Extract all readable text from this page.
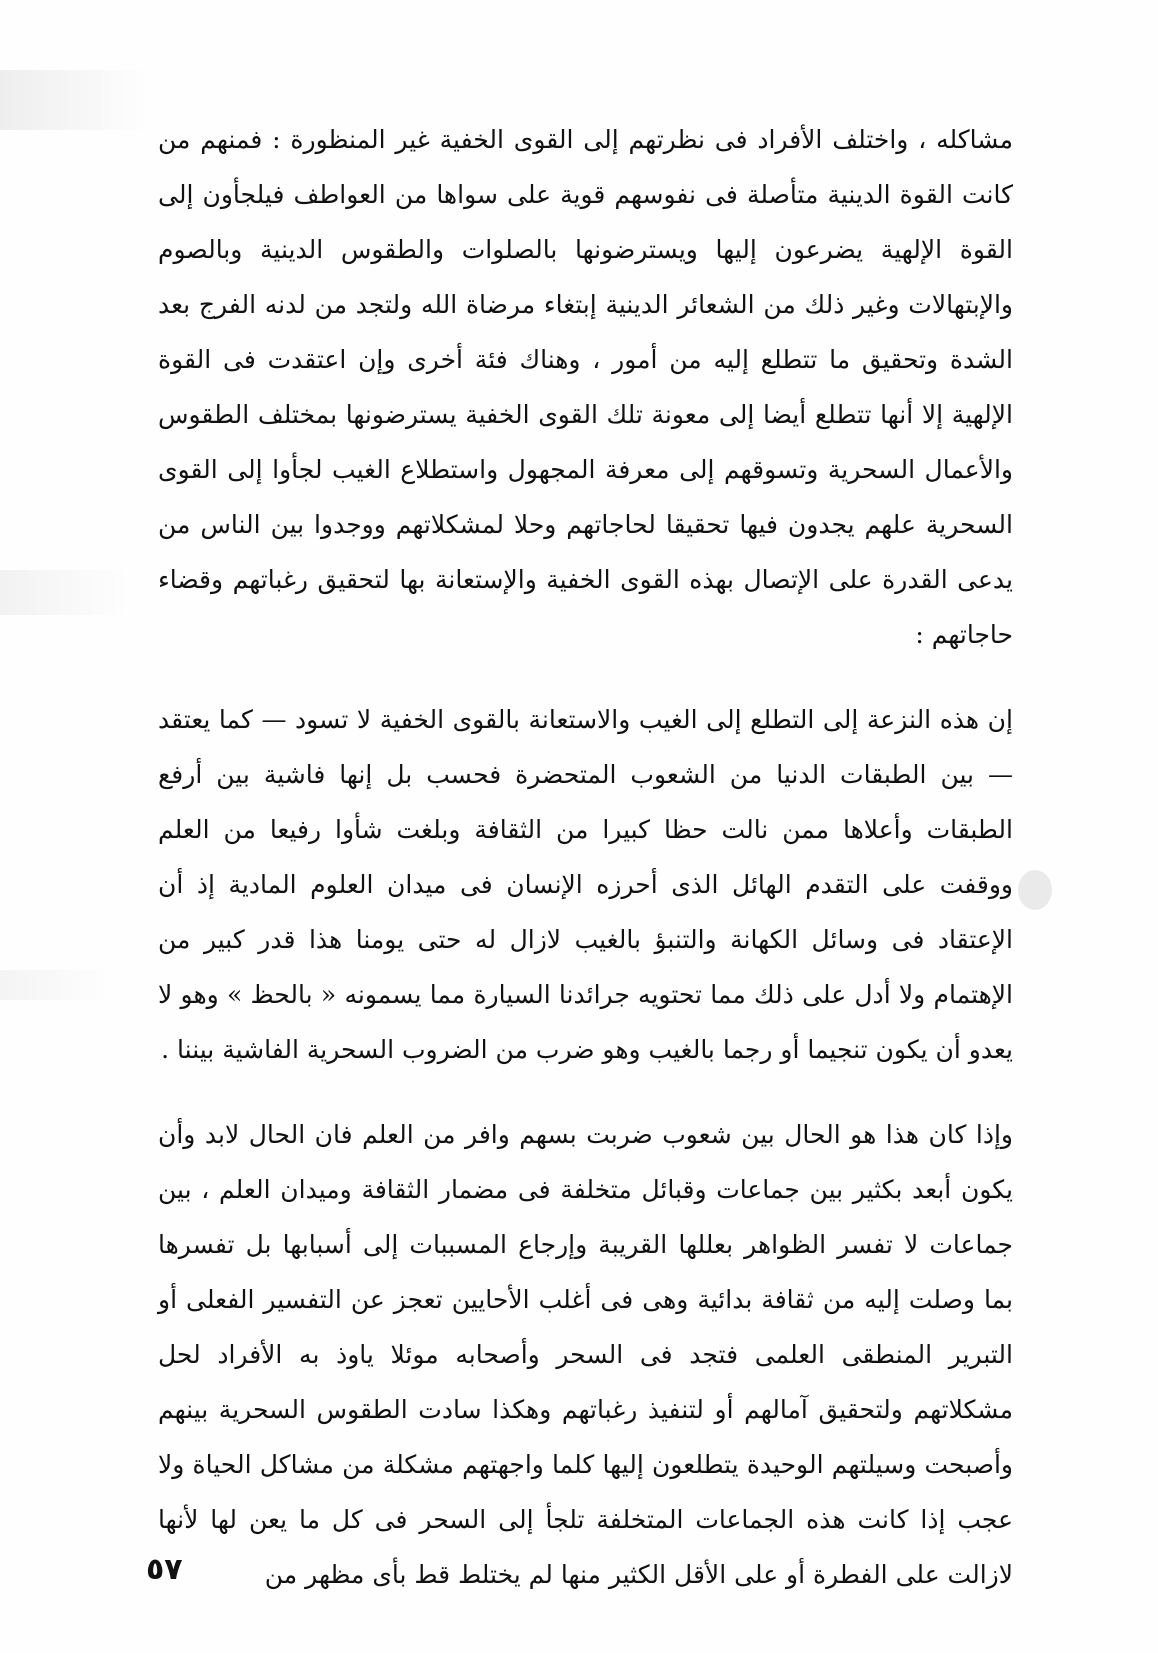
مشاكله ، واختلف الأفراد فى نظرتهم إلى القوى الخفية غير المنظورة : فمنهم من كانت القوة الدينية متأصلة فى نفوسهم قوية على سواها من العواطف فيلجأون إلى القوة الإلهية يضرعون إليها ويسترضونها بالصلوات والطقوس الدينية وبالصوم والإبتهالات وغير ذلك من الشعائر الدينية إبتغاء مرضاة الله ولتجد من لدنه الفرج بعد الشدة وتحقيق ما تتطلع إليه من أمور ، وهناك فئة أخرى وإن اعتقدت فى القوة الإلهية إلا أنها تتطلع أيضا إلى معونة تلك القوى الخفية يسترضونها بمختلف الطقوس والأعمال السحرية وتسوقهم إلى معرفة المجهول واستطلاع الغيب لجأوا إلى القوى السحرية علهم يجدون فيها تحقيقا لحاجاتهم وحلا لمشكلاتهم ووجدوا بين الناس من يدعى القدرة على الإتصال بهذه القوى الخفية والإستعانة بها لتحقيق رغباتهم وقضاء حاجاتهم :

إن هذه النزعة إلى التطلع إلى الغيب والاستعانة بالقوى الخفية لا تسود — كما يعتقد — بين الطبقات الدنيا من الشعوب المتحضرة فحسب بل إنها فاشية بين أرفع الطبقات وأعلاها ممن نالت حظا كبيرا من الثقافة وبلغت شأوا رفيعا من العلم ووقفت على التقدم الهائل الذى أحرزه الإنسان فى ميدان العلوم المادية إذ أن الإعتقاد فى وسائل الكهانة والتنبؤ بالغيب لازال له حتى يومنا هذا قدر كبير من الإهتمام ولا أدل على ذلك مما تحتويه جرائدنا السيارة مما يسمونه « بالحظ » وهو لا يعدو أن يكون تنجيما أو رجما بالغيب وهو ضرب من الضروب السحرية الفاشية بيننا .

وإذا كان هذا هو الحال بين شعوب ضربت بسهم وافر من العلم فان الحال لابد وأن يكون أبعد بكثير بين جماعات وقبائل متخلفة فى مضمار الثقافة وميدان العلم ، بين جماعات لا تفسر الظواهر بعللها القريبة وإرجاع المسببات إلى أسبابها بل تفسرها بما وصلت إليه من ثقافة بدائية وهى فى أغلب الأحايين تعجز عن التفسير الفعلى أو التبرير المنطقى العلمى فتجد فى السحر وأصحابه موئلا ياوذ به الأفراد لحل مشكلاتهم ولتحقيق آمالهم أو لتنفيذ رغباتهم وهكذا سادت الطقوس السحرية بينهم وأصبحت وسيلتهم الوحيدة يتطلعون إليها كلما واجهتهم مشكلة من مشاكل الحياة ولا عجب إذا كانت هذه الجماعات المتخلفة تلجأ إلى السحر فى كل ما يعن لها لأنها لازالت على الفطرة أو على الأقل الكثير منها لم يختلط قط بأى مظهر من

٥٧
